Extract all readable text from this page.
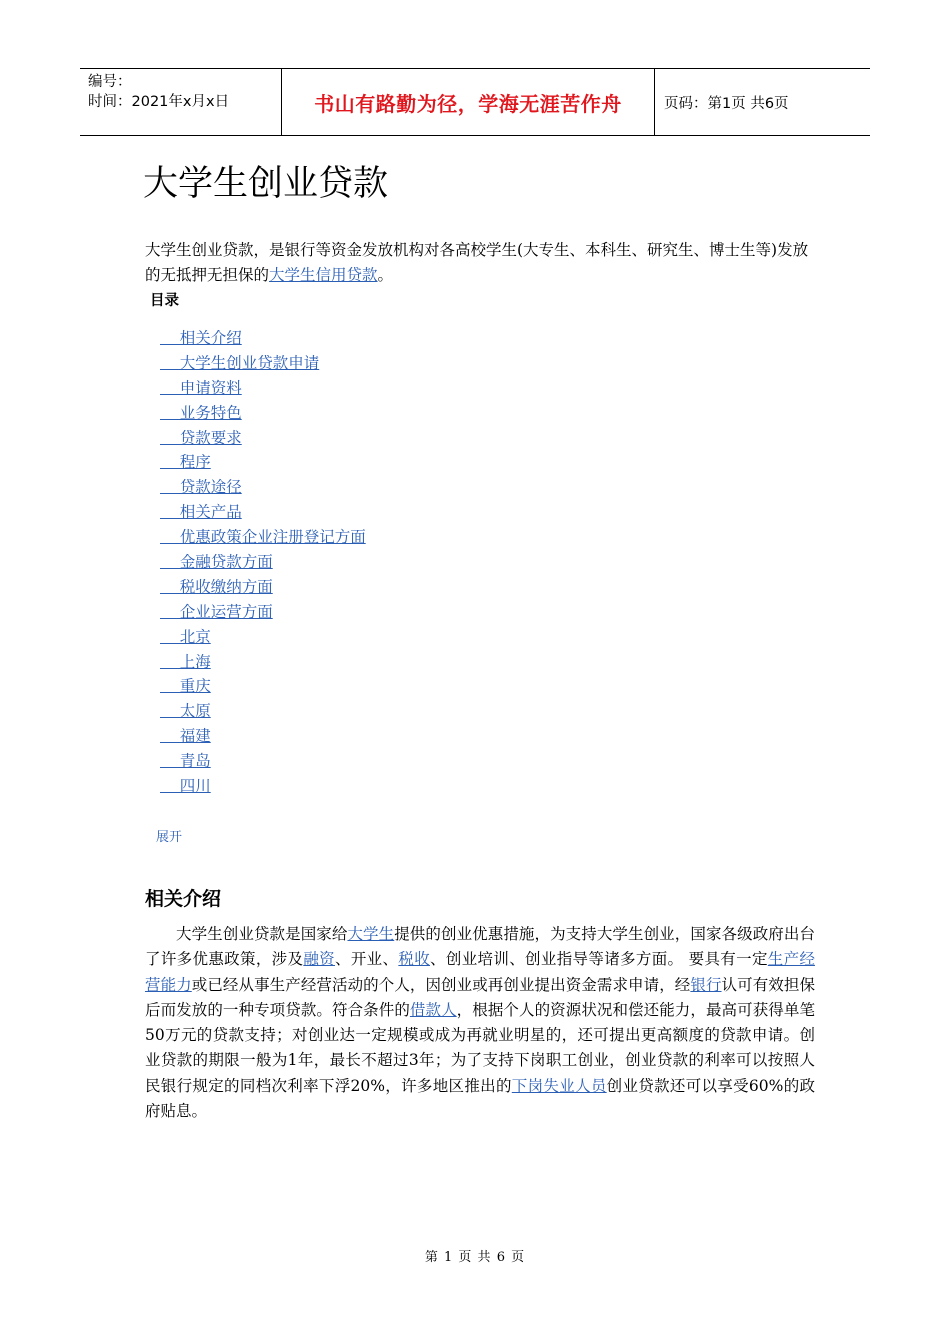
编号：
时间：2021年x月x日	书山有路勤为径，学海无涯苦作舟	页码：第1页 共6页
大学生创业贷款

大学生创业贷款，是银行等资金发放机构对各高校学生(大专生、本科生、研究生、博士生等)发放的无抵押无担保的大学生信用贷款。

目录
相关介绍
大学生创业贷款申请
申请资料
业务特色
贷款要求
程序
贷款途径
相关产品
优惠政策企业注册登记方面
金融贷款方面
税收缴纳方面
企业运营方面
北京
上海
重庆
太原
福建
青岛
四川
展开
相关介绍

大学生创业贷款是国家给大学生提供的创业优惠措施，为支持大学生创业，国家各级政府出台了许多优惠政策，涉及融资、开业、税收、创业培训、创业指导等诸多方面。 要具有一定生产经营能力或已经从事生产经营活动的个人，因创业或再创业提出资金需求申请，经银行认可有效担保后而发放的一种专项贷款。符合条件的借款人，根据个人的资源状况和偿还能力，最高可获得单笔50万元的贷款支持；对创业达一定规模或成为再就业明星的，还可提出更高额度的贷款申请。创业贷款的期限一般为1年，最长不超过3年；为了支持下岗职工创业，创业贷款的利率可以按照人民银行规定的同档次利率下浮20%，许多地区推出的下岗失业人员创业贷款还可以享受60%的政府贴息。

第 1 页 共 6 页
